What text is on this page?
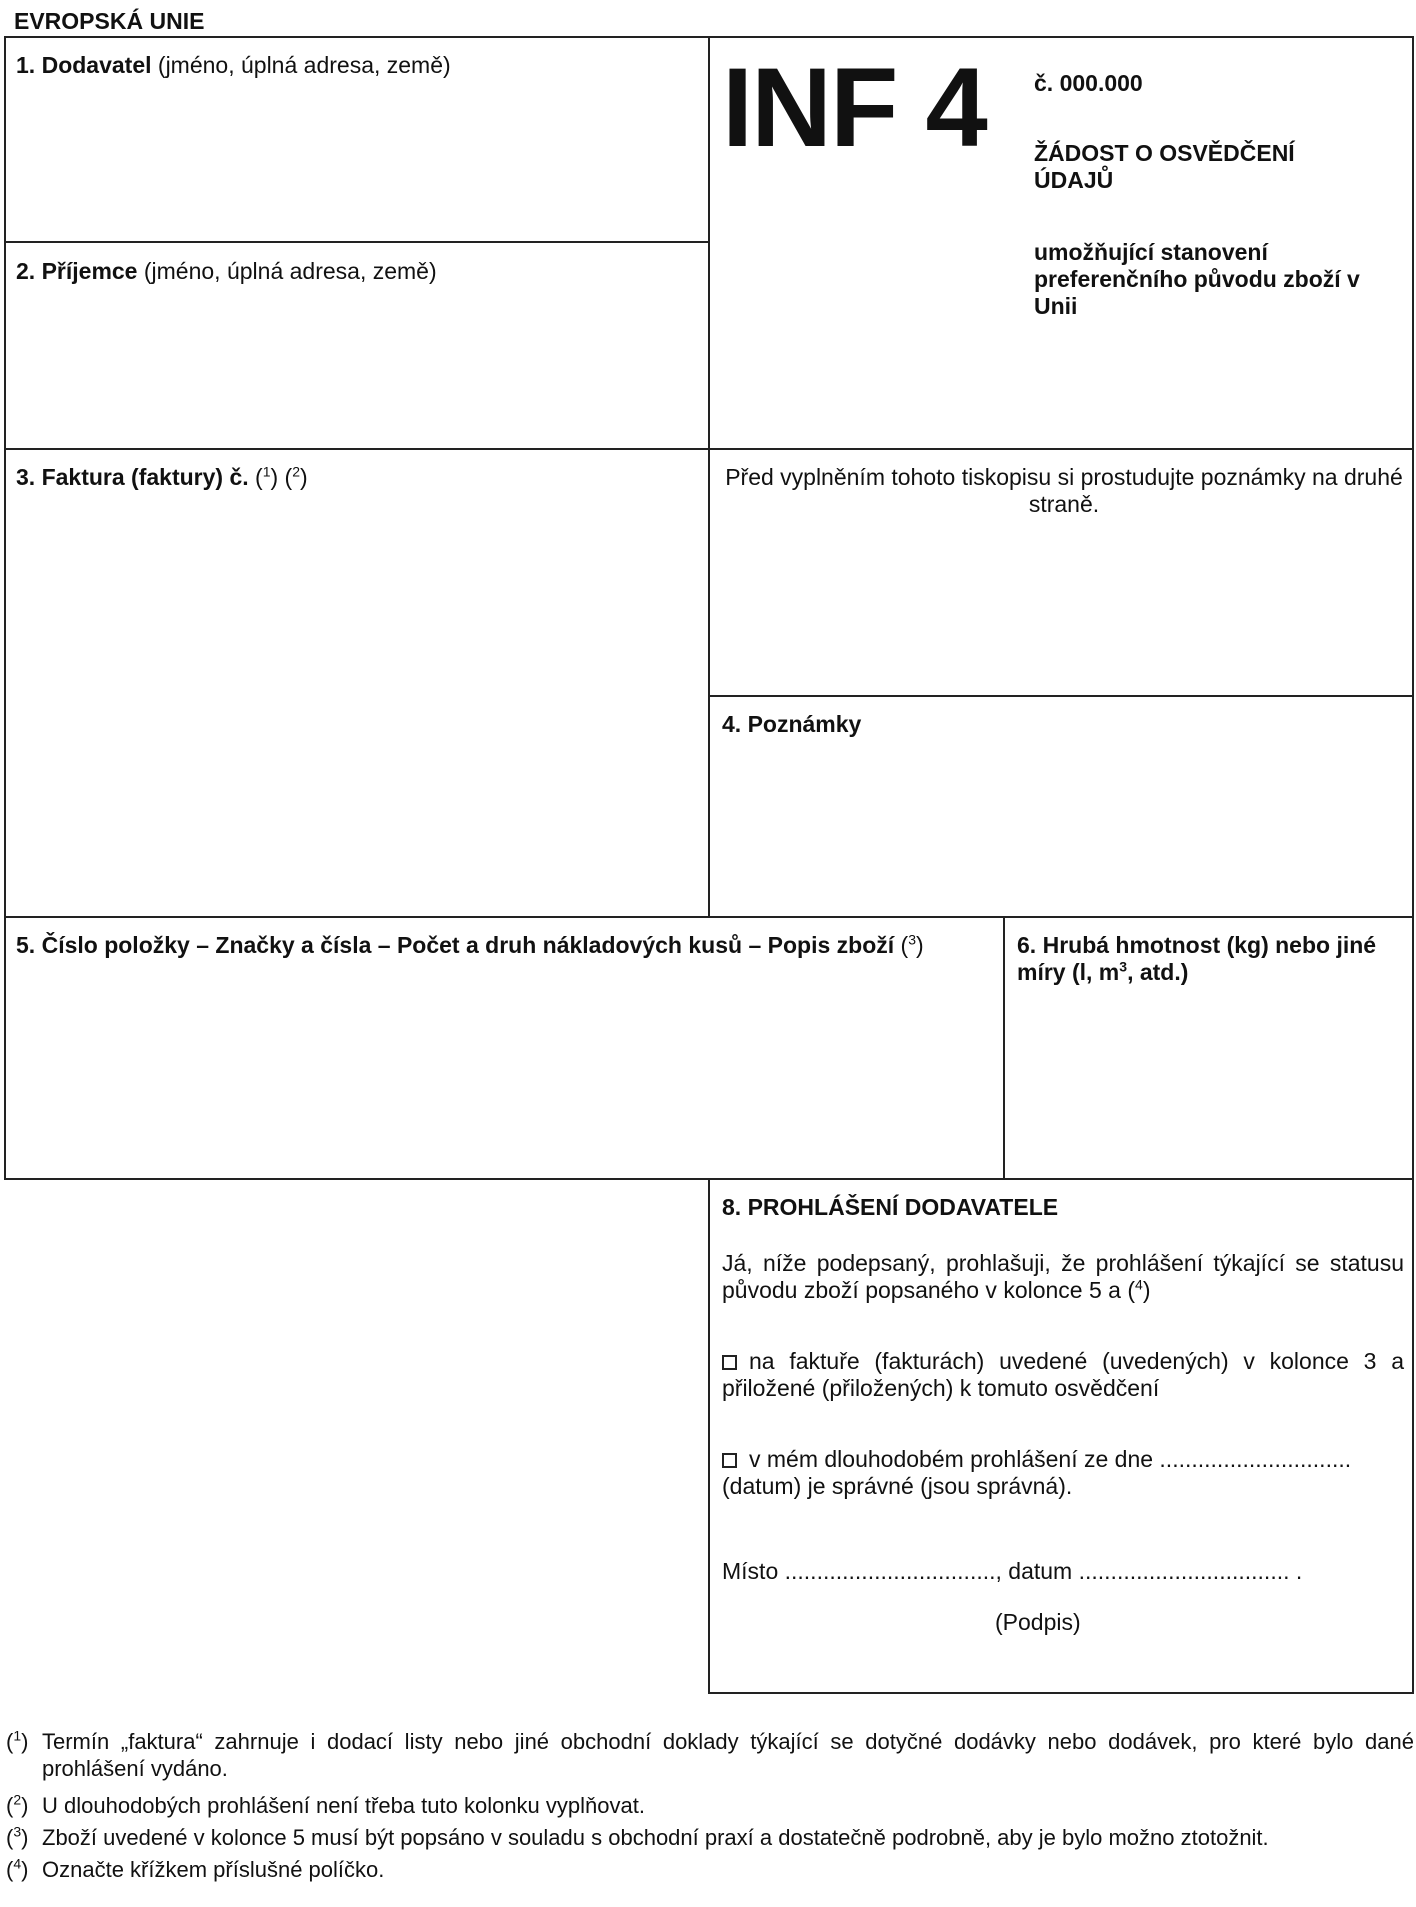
EVROPSKÁ UNIE
1. Dodavatel (jméno, úplná adresa, země) INF 4 č. 000.000
ŽÁDOST O OSVĚDČENÍ ÚDAJŮ
umožňující stanovení preferenčního původu zboží v Unii
2. Příjemce (jméno, úplná adresa, země)
3. Faktura (faktury) č. ($^1$) ($^2$)	Před vyplněním tohoto tiskopisu si prostudujte poznámky na druhé straně.
4. Poznámky
5. Číslo položky – Značky a čísla – Počet a druh nákladových kusů – Popis zboží ($^3$)	6. Hrubá hmotnost (kg) nebo jiné míry (l, $m^3$, atd.)
8. PROHLÁŠENÍ DODAVATELE
Já, níže podepsaný, prohlašuji, že prohlášení týkající se statusu původu zboží popsaného v kolonce 5 a ($^4$)
na faktuře (fakturách) uvedené (uvedených) v kolonce 3 a přiložené (přiložených) k tomuto osvědčení
v mém dlouhodobém prohlášení ze dne ..............................
(datum) je správné (jsou správná).
Místo ................................., datum ................................. .
(Podpis)
($^1$) Termín „faktura“ zahrnuje i dodací listy nebo jiné obchodní doklady týkající se dotyčné dodávky nebo dodávek, pro které bylo dané prohlášení vydáno.
($^2$) U dlouhodobých prohlášení není třeba tuto kolonku vyplňovat.
($^3$) Zboží uvedené v kolonce 5 musí být popsáno v souladu s obchodní praxí a dostatečně podrobně, aby je bylo možno ztotožnit.
($^4$) Označte křížkem příslušné políčko.
